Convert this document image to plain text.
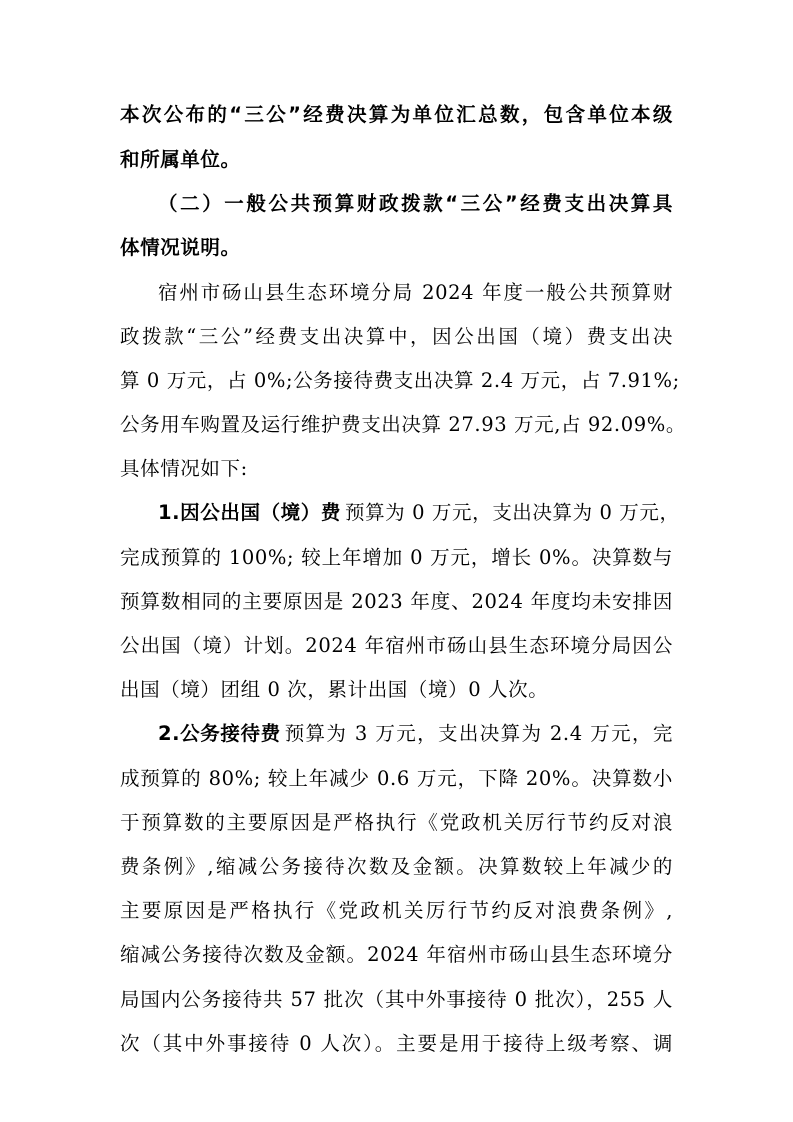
本次公布的“三公”经费决算为单位汇总数，包含单位本级
和所属单位。
（二）一般公共预算财政拨款“三公”经费支出决算具
体情况说明。
宿州市砀山县生态环境分局 2024 年度一般公共预算财
政拨款“三公”经费支出决算中，因公出国（境）费支出决
算 0 万元，占 0%;公务接待费支出决算 2.4 万元，占 7.91%;
公务用车购置及运行维护费支出决算 27.93 万元,占 92.09%。
具体情况如下:
1.因公出国（境）费 预算为 0 万元，支出决算为 0 万元，
完成预算的 100%; 较上年增加 0 万元，增长 0%。决算数与
预算数相同的主要原因是 2023 年度、2024 年度均未安排因
公出国（境）计划。2024 年宿州市砀山县生态环境分局因公
出国（境）团组 0 次，累计出国（境）0 人次。
2.公务接待费 预算为 3 万元，支出决算为 2.4 万元，完
成预算的 80%; 较上年减少 0.6 万元，下降 20%。决算数小
于预算数的主要原因是严格执行《党政机关厉行节约反对浪
费条例》,缩减公务接待次数及金额。决算数较上年减少的
主要原因是严格执行《党政机关厉行节约反对浪费条例》,
缩减公务接待次数及金额。2024 年宿州市砀山县生态环境分
局国内公务接待共 57 批次（其中外事接待 0 批次），255 人
次（其中外事接待 0 人次）。主要是用于接待上级考察、调
